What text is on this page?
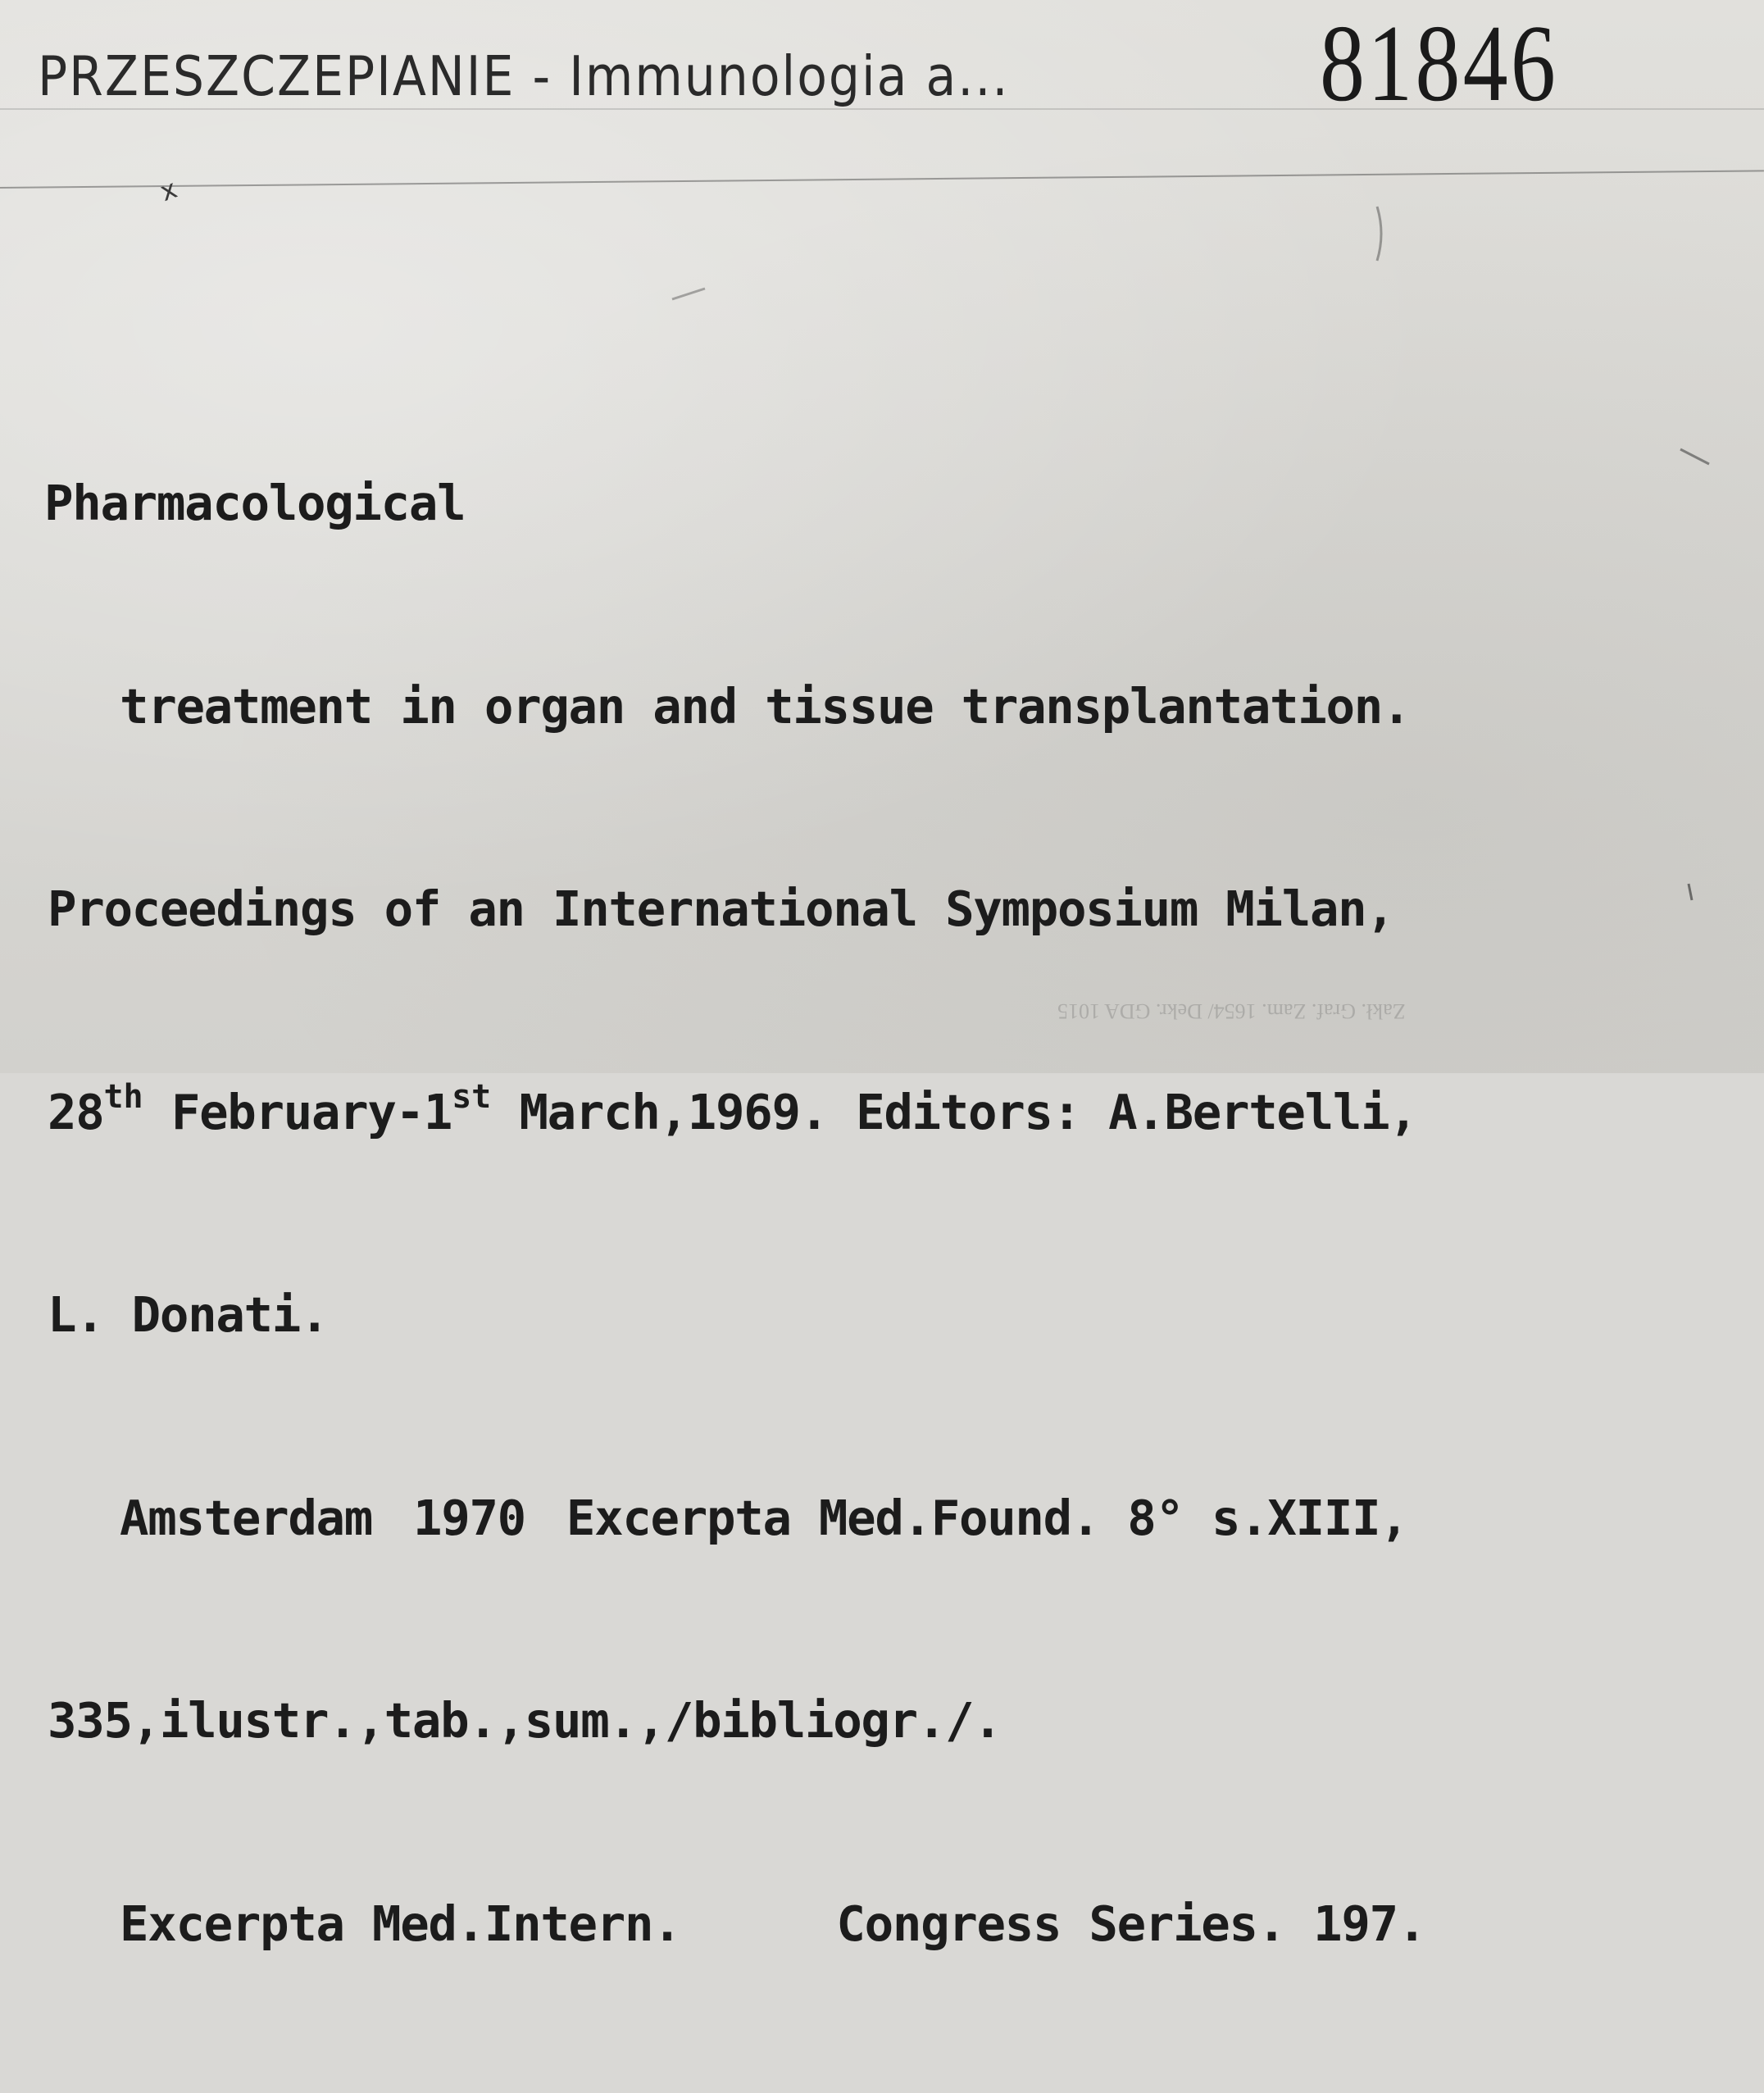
PRZESZCZEPIANIE - Immunologia a...	81846
x

Pharmacological

treatment in organ and tissue transplantation.

Proceedings of an International Symposium Milan,

28th February-1st March,1969. Editors: A.Bertelli,

L. Donati.

Amsterdam 1970 Excerpta Med.Found. 8° s.XIII,

335,ilustr.,tab.,sum.,/bibliogr./.

Excerpta Med.Intern.	Congress Series. 197.

Zakł. Graf. Zam. 1654/ Dekr. GDA 1015
